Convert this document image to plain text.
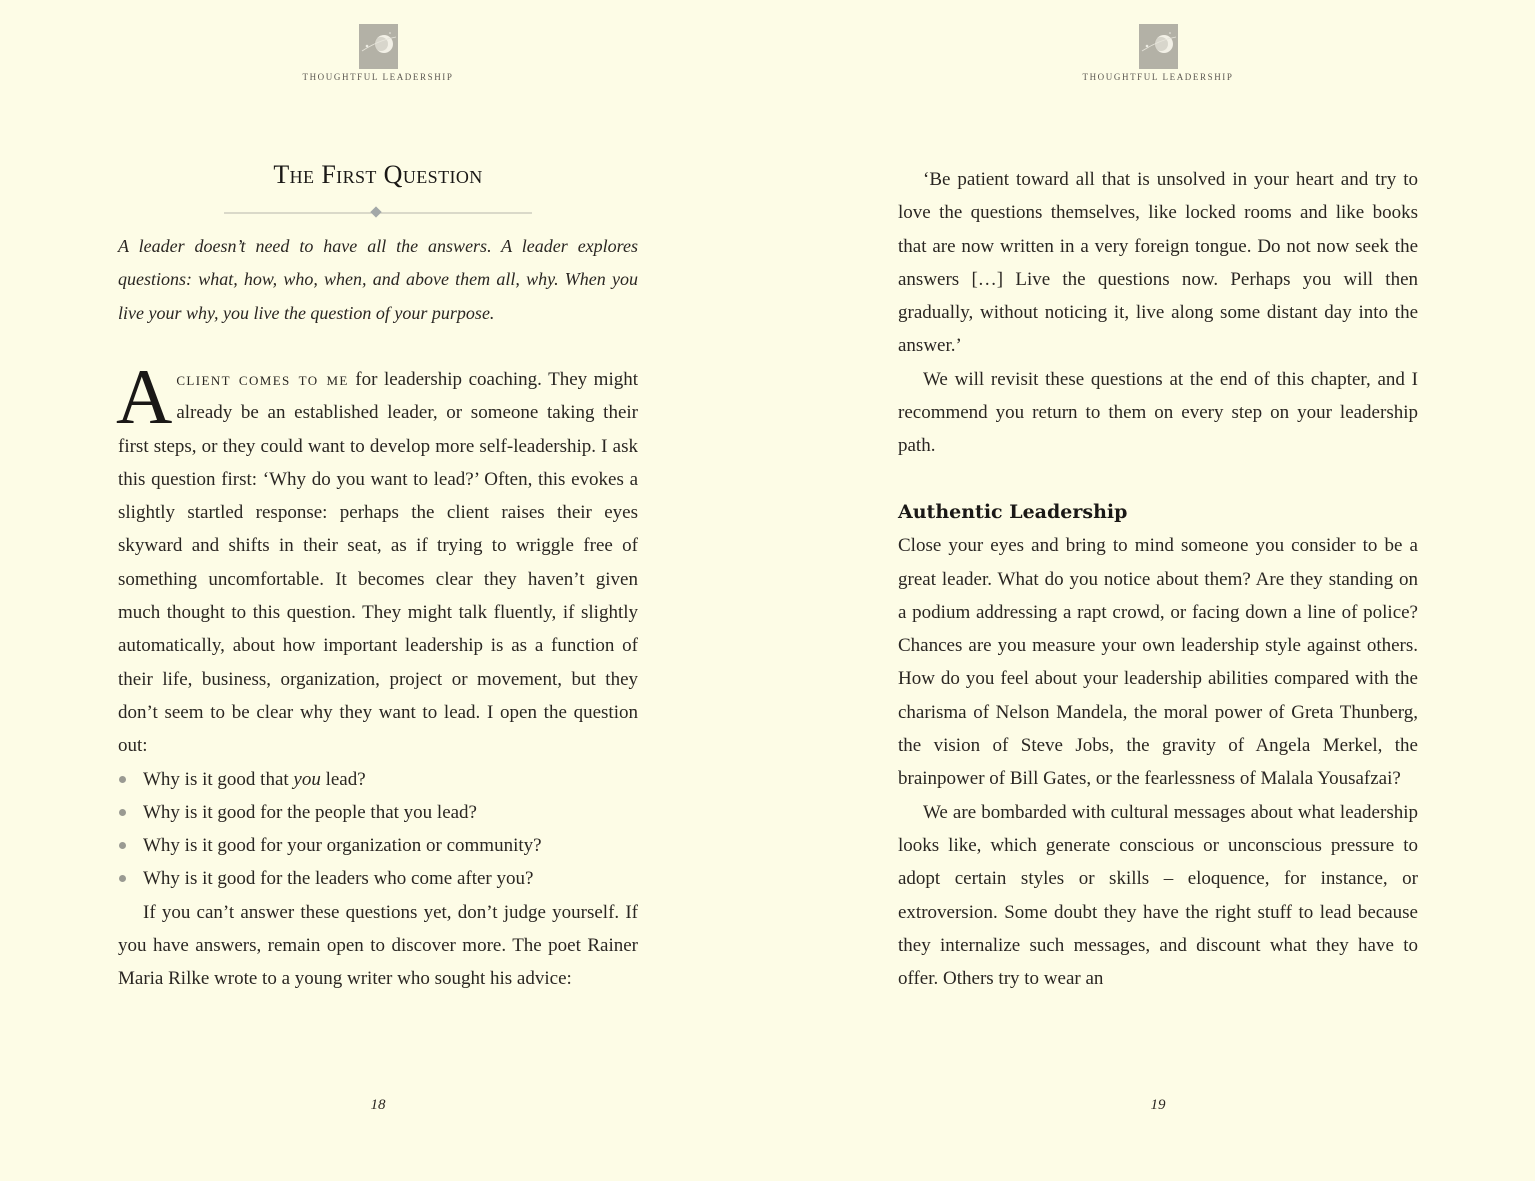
THOUGHTFUL LEADERSHIP
The First Question

A leader doesn’t need to have all the answers. A leader explores questions: what, how, who, when, and above them all, why. When you live your why, you live the question of your purpose.

Aclient comes to me for leadership coaching. They might already be an established leader, or someone taking their first steps, or they could want to develop more self-leadership. I ask this question first: ‘Why do you want to lead?’ Often, this evokes a slightly startled response: perhaps the client raises their eyes skyward and shifts in their seat, as if trying to wriggle free of something uncomfortable. It becomes clear they haven’t given much thought to this question. They might talk fluently, if slightly automatically, about how important leadership is as a function of their life, business, organization, project or movement, but they don’t seem to be clear why they want to lead. I open the question out:

Why is it good that you lead?
Why is it good for the people that you lead?
Why is it good for your organization or community?
Why is it good for the leaders who come after you?

If you can’t answer these questions yet, don’t judge yourself. If you have answers, remain open to discover more. The poet Rainer Maria Rilke wrote to a young writer who sought his advice:

18
THOUGHTFUL LEADERSHIP

‘Be patient toward all that is unsolved in your heart and try to love the questions themselves, like locked rooms and like books that are now written in a very foreign tongue. Do not now seek the answers […] Live the questions now. Perhaps you will then gradually, without noticing it, live along some distant day into the answer.’

We will revisit these questions at the end of this chapter, and I recommend you return to them on every step on your leadership path.

Authentic Leadership

Close your eyes and bring to mind someone you consider to be a great leader. What do you notice about them? Are they standing on a podium addressing a rapt crowd, or facing down a line of police? Chances are you measure your own leadership style against others. How do you feel about your leadership abilities compared with the charisma of Nelson Mandela, the moral power of Greta Thunberg, the vision of Steve Jobs, the gravity of Angela Merkel, the brainpower of Bill Gates, or the fearlessness of Malala Yousafzai?

We are bombarded with cultural messages about what leadership looks like, which generate conscious or unconscious pressure to adopt certain styles or skills – eloquence, for instance, or extroversion. Some doubt they have the right stuff to lead because they internalize such messages, and discount what they have to offer. Others try to wear an

19
